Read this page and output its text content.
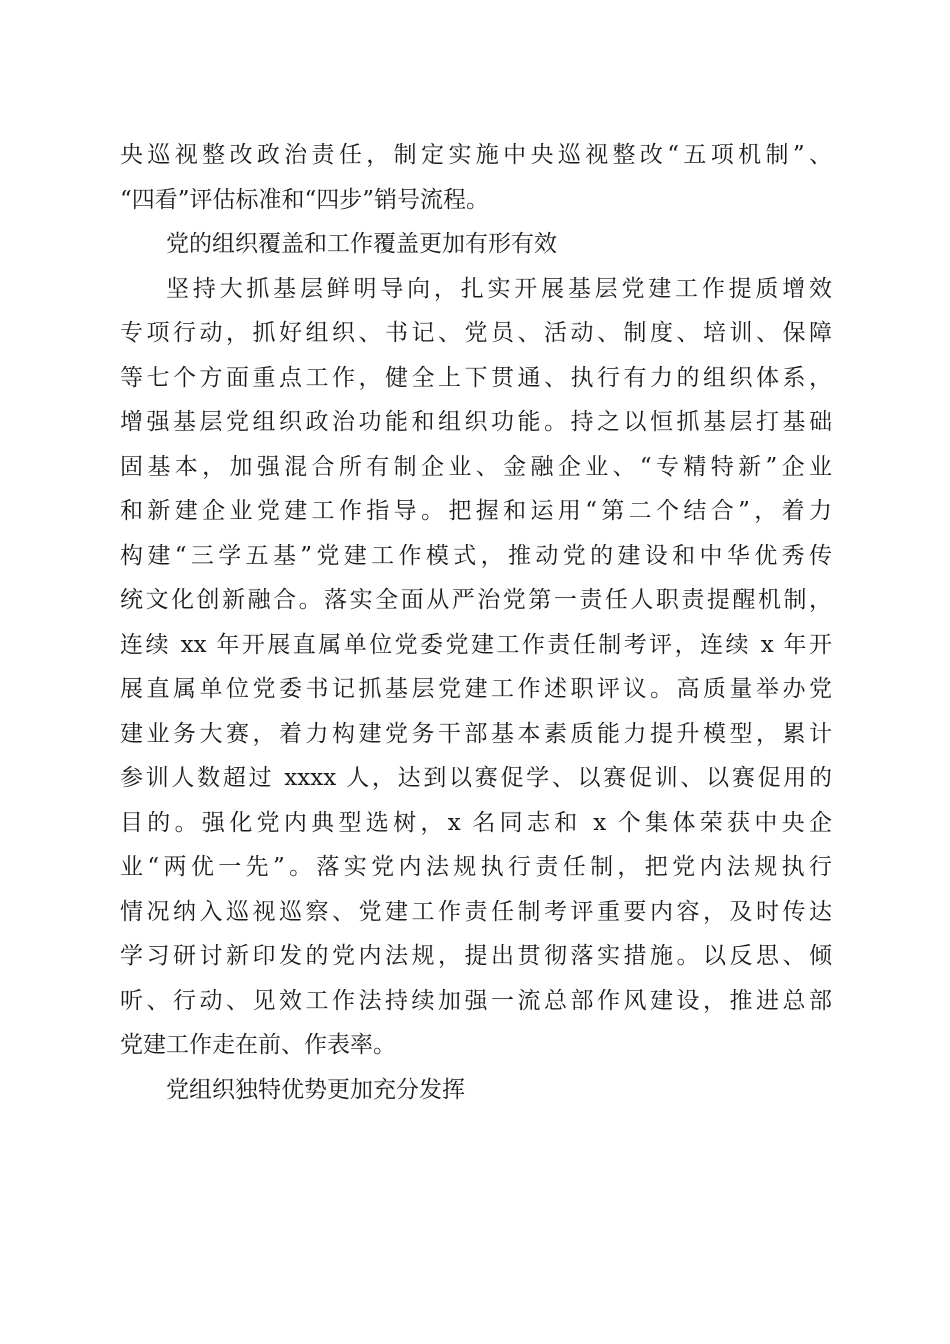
央巡视整改政治责任，制定实施中央巡视整改“五项机制”、
“四看”评估标准和“四步”销号流程。
党的组织覆盖和工作覆盖更加有形有效
坚持大抓基层鲜明导向，扎实开展基层党建工作提质增效
专项行动，抓好组织、书记、党员、活动、制度、培训、保障
等七个方面重点工作，健全上下贯通、执行有力的组织体系，
增强基层党组织政治功能和组织功能。持之以恒抓基层打基础
固基本，加强混合所有制企业、金融企业、“专精特新”企业
和新建企业党建工作指导。把握和运用“第二个结合”，着力
构建“三学五基”党建工作模式，推动党的建设和中华优秀传
统文化创新融合。落实全面从严治党第一责任人职责提醒机制，
连续 xx 年开展直属单位党委党建工作责任制考评，连续 x 年开
展直属单位党委书记抓基层党建工作述职评议。高质量举办党
建业务大赛，着力构建党务干部基本素质能力提升模型，累计
参训人数超过 xxxx 人，达到以赛促学、以赛促训、以赛促用的
目的。强化党内典型选树，x 名同志和 x 个集体荣获中央企
业“两优一先”。落实党内法规执行责任制，把党内法规执行
情况纳入巡视巡察、党建工作责任制考评重要内容，及时传达
学习研讨新印发的党内法规，提出贯彻落实措施。以反思、倾
听、行动、见效工作法持续加强一流总部作风建设，推进总部
党建工作走在前、作表率。
党组织独特优势更加充分发挥
